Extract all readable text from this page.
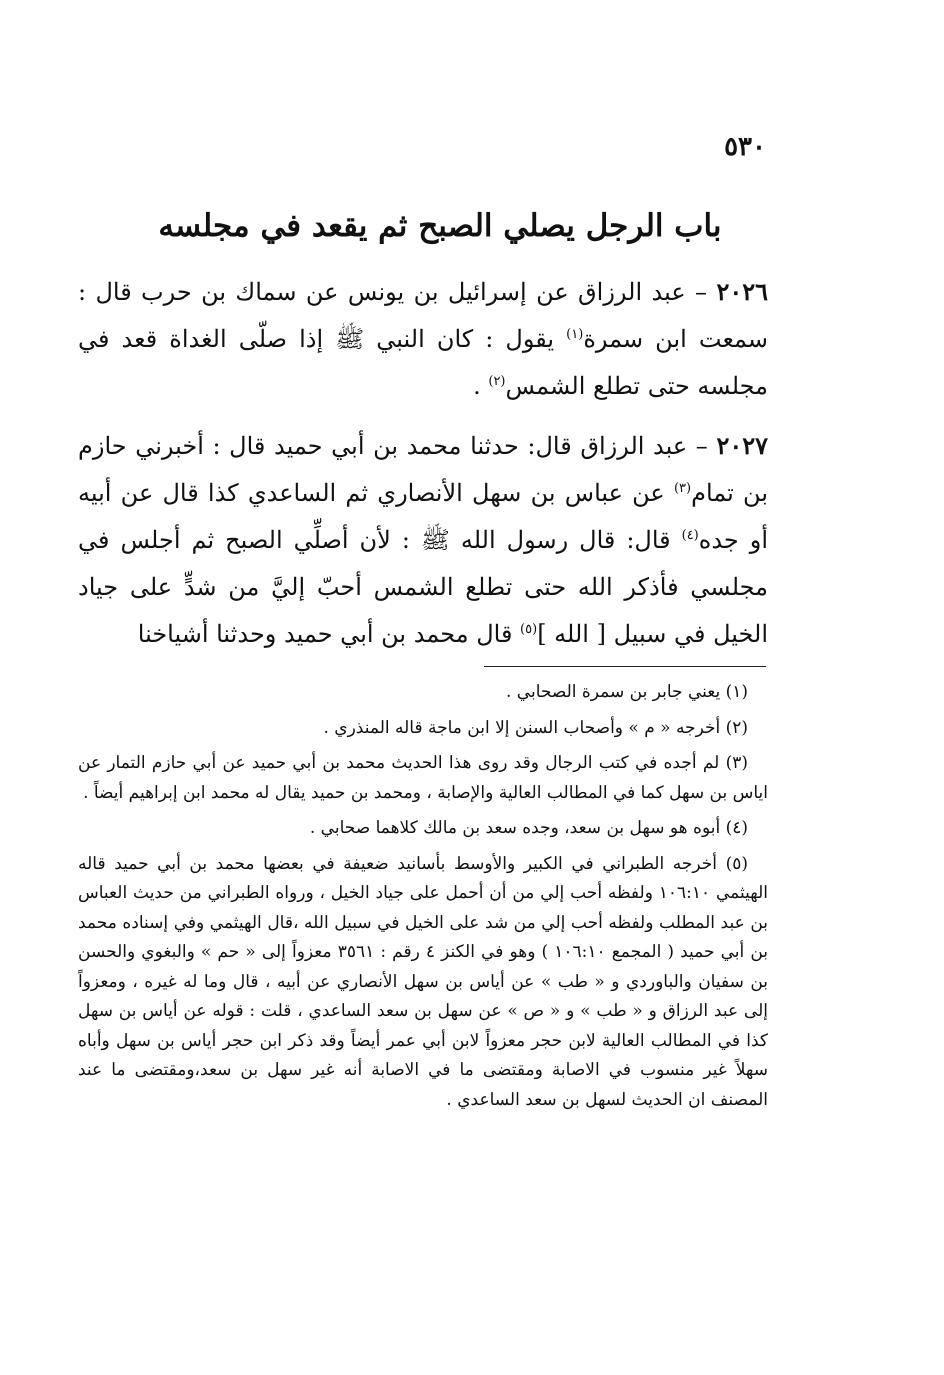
٥٣٠
باب الرجل يصلي الصبح ثم يقعد في مجلسه

٢٠٢٦ – عبد الرزاق عن إسرائيل بن يونس عن سماك بن حرب قال : سمعت ابن سمرة$^{(١)}$ يقول : كان النبي ﷺ إذا صلّى الغداة قعد في مجلسه حتى تطلع الشمس$^{(٢)}$ .

٢٠٢٧ – عبد الرزاق قال: حدثنا محمد بن أبي حميد قال : أخبرني حازم بن تمام$^{(٣)}$ عن عباس بن سهل الأنصاري ثم الساعدي كذا قال عن أبيه أو جده$^{(٤)}$ قال: قال رسول الله ﷺ : لأن أصلِّي الصبح ثم أجلس في مجلسي فأذكر الله حتى تطلع الشمس أحبّ إليَّ من شدٍّ على جياد الخيل في سبيل [ الله ]$^{(٥)}$ قال محمد بن أبي حميد وحدثنا أشياخنا

(١) يعني جابر بن سمرة الصحابي .

(٢) أخرجه « م » وأصحاب السنن إلا ابن ماجة قاله المنذري .

(٣) لم أجده في كتب الرجال وقد روى هذا الحديث محمد بن أبي حميد عن أبي حازم التمار عن اياس بن سهل كما في المطالب العالية والإصابة ، ومحمد بن حميد يقال له محمد ابن إبراهيم أيضاً .

(٤) أبوه هو سهل بن سعد، وجده سعد بن مالك كلاهما صحابي .

(٥) أخرجه الطبراني في الكبير والأوسط بأسانيد ضعيفة في بعضها محمد بن أبي حميد قاله الهيثمي ١٠٦:١٠ ولفظه أحب إلي من أن أحمل على جياد الخيل ، ورواه الطبراني من حديث العباس بن عبد المطلب ولفظه أحب إلي من شد على الخيل في سبيل الله ،قال الهيثمي وفي إسناده محمد بن أبي حميد ( المجمع ١٠٦:١٠ ) وهو في الكنز ٤ رقم : ٣٥٦١ معزواً إلى « حم » والبغوي والحسن بن سفيان والباوردي و « طب » عن أياس بن سهل الأنصاري عن أبيه ، قال وما له غيره ، ومعزواً إلى عبد الرزاق و « طب » و « ص » عن سهل بن سعد الساعدي ، قلت : قوله عن أياس بن سهل كذا في المطالب العالية لابن حجر معزواً لابن أبي عمر أيضاً وقد ذكر ابن حجر أياس بن سهل وأباه سهلاً غير منسوب في الاصابة ومقتضى ما في الاصابة أنه غير سهل بن سعد،ومقتضى ما عند المصنف ان الحديث لسهل بن سعد الساعدي .
